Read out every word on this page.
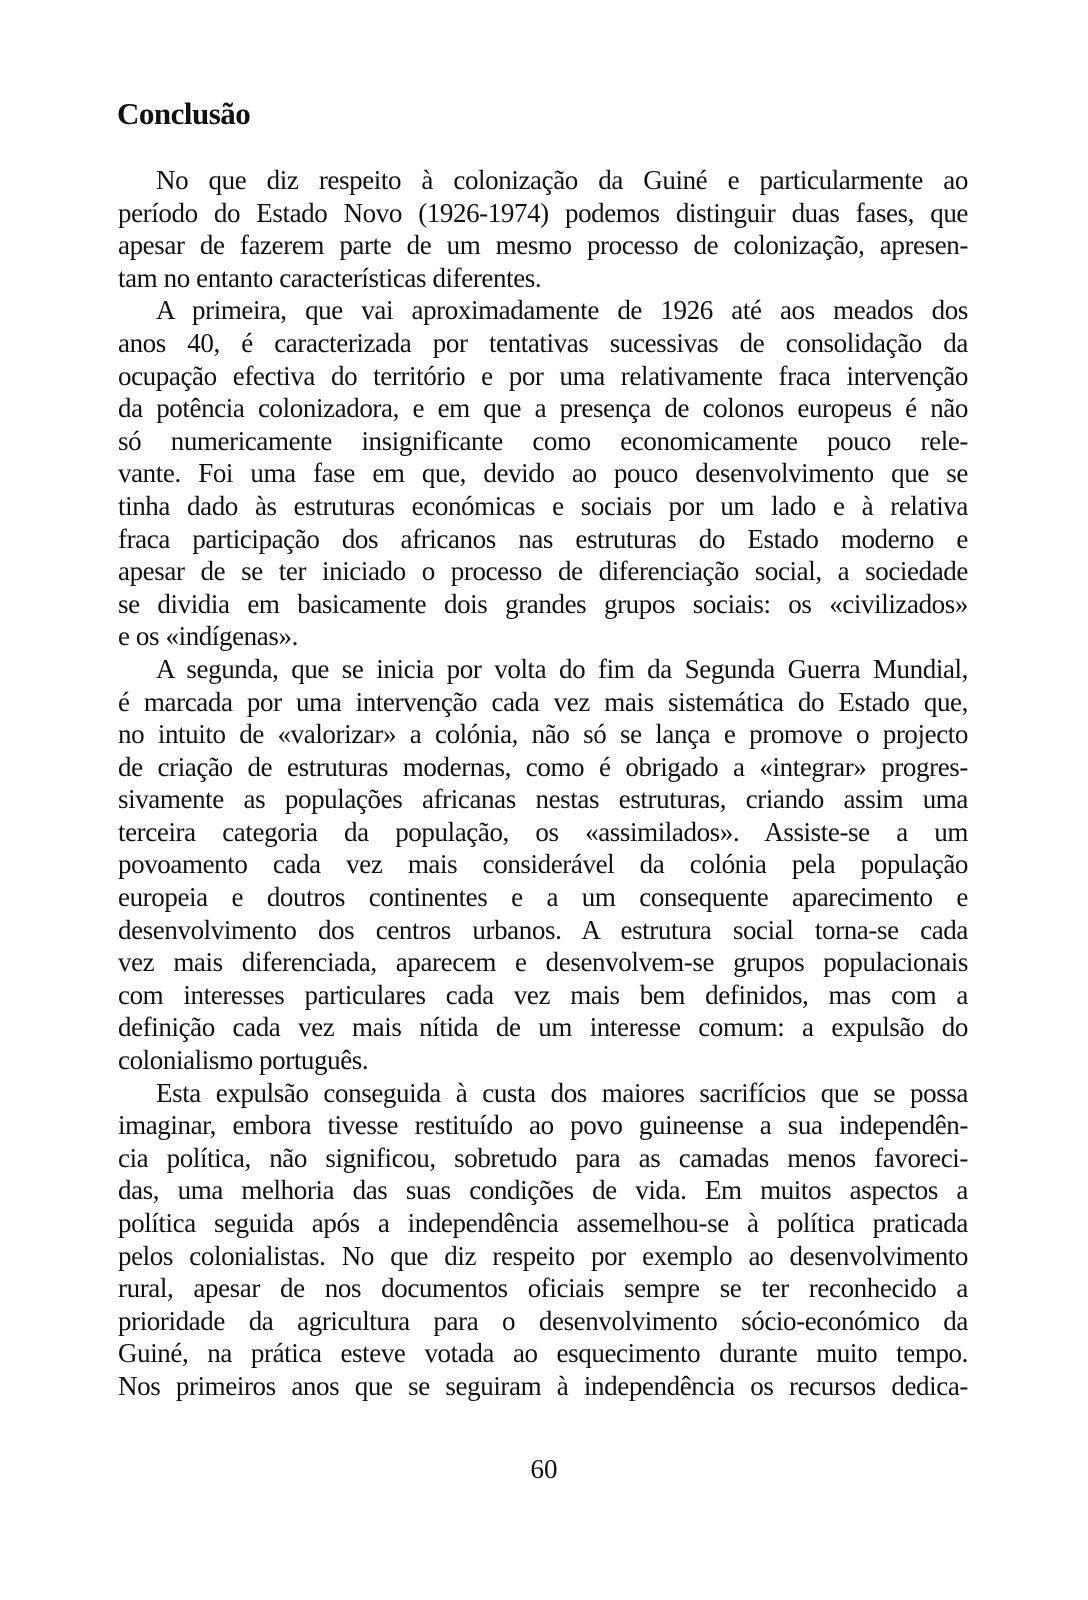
Conclusão
No que diz respeito à colonização da Guiné e particularmente ao
período do Estado Novo (1926-1974) podemos distinguir duas fases, que
apesar de fazerem parte de um mesmo processo de colonização, apresen-
tam no entanto características diferentes.
A primeira, que vai aproximadamente de 1926 até aos meados dos
anos 40, é caracterizada por tentativas sucessivas de consolidação da
ocupação efectiva do território e por uma relativamente fraca intervenção
da potência colonizadora, e em que a presença de colonos europeus é não
só numericamente insignificante como economicamente pouco rele-
vante. Foi uma fase em que, devido ao pouco desenvolvimento que se
tinha dado às estruturas económicas e sociais por um lado e à relativa
fraca participação dos africanos nas estruturas do Estado moderno e
apesar de se ter iniciado o processo de diferenciação social, a sociedade
se dividia em basicamente dois grandes grupos sociais: os «civilizados»
e os «indígenas».
A segunda, que se inicia por volta do fim da Segunda Guerra Mundial,
é marcada por uma intervenção cada vez mais sistemática do Estado que,
no intuito de «valorizar» a colónia, não só se lança e promove o projecto
de criação de estruturas modernas, como é obrigado a «integrar» progres-
sivamente as populações africanas nestas estruturas, criando assim uma
terceira categoria da população, os «assimilados». Assiste-se a um
povoamento cada vez mais considerável da colónia pela população
europeia e doutros continentes e a um consequente aparecimento e
desenvolvimento dos centros urbanos. A estrutura social torna-se cada
vez mais diferenciada, aparecem e desenvolvem-se grupos populacionais
com interesses particulares cada vez mais bem definidos, mas com a
definição cada vez mais nítida de um interesse comum: a expulsão do
colonialismo português.
Esta expulsão conseguida à custa dos maiores sacrifícios que se possa
imaginar, embora tivesse restituído ao povo guineense a sua independên-
cia política, não significou, sobretudo para as camadas menos favoreci-
das, uma melhoria das suas condições de vida. Em muitos aspectos a
política seguida após a independência assemelhou-se à política praticada
pelos colonialistas. No que diz respeito por exemplo ao desenvolvimento
rural, apesar de nos documentos oficiais sempre se ter reconhecido a
prioridade da agricultura para o desenvolvimento sócio-económico da
Guiné, na prática esteve votada ao esquecimento durante muito tempo.
Nos primeiros anos que se seguiram à independência os recursos dedica-
60
